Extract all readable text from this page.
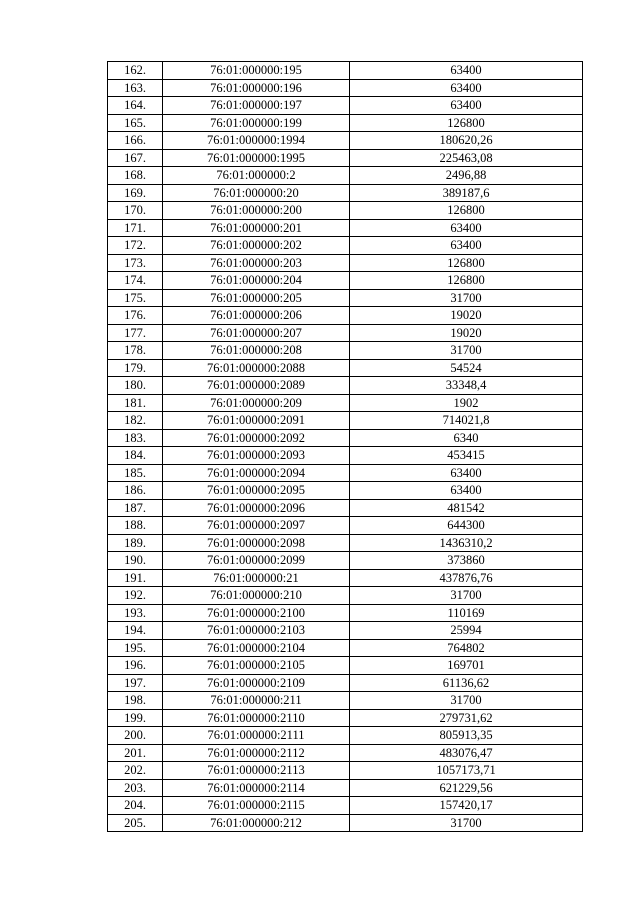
162.	76:01:000000:195	63400
163.	76:01:000000:196	63400
164.	76:01:000000:197	63400
165.	76:01:000000:199	126800
166.	76:01:000000:1994	180620,26
167.	76:01:000000:1995	225463,08
168.	76:01:000000:2	2496,88
169.	76:01:000000:20	389187,6
170.	76:01:000000:200	126800
171.	76:01:000000:201	63400
172.	76:01:000000:202	63400
173.	76:01:000000:203	126800
174.	76:01:000000:204	126800
175.	76:01:000000:205	31700
176.	76:01:000000:206	19020
177.	76:01:000000:207	19020
178.	76:01:000000:208	31700
179.	76:01:000000:2088	54524
180.	76:01:000000:2089	33348,4
181.	76:01:000000:209	1902
182.	76:01:000000:2091	714021,8
183.	76:01:000000:2092	6340
184.	76:01:000000:2093	453415
185.	76:01:000000:2094	63400
186.	76:01:000000:2095	63400
187.	76:01:000000:2096	481542
188.	76:01:000000:2097	644300
189.	76:01:000000:2098	1436310,2
190.	76:01:000000:2099	373860
191.	76:01:000000:21	437876,76
192.	76:01:000000:210	31700
193.	76:01:000000:2100	110169
194.	76:01:000000:2103	25994
195.	76:01:000000:2104	764802
196.	76:01:000000:2105	169701
197.	76:01:000000:2109	61136,62
198.	76:01:000000:211	31700
199.	76:01:000000:2110	279731,62
200.	76:01:000000:2111	805913,35
201.	76:01:000000:2112	483076,47
202.	76:01:000000:2113	1057173,71
203.	76:01:000000:2114	621229,56
204.	76:01:000000:2115	157420,17
205.	76:01:000000:212	31700
